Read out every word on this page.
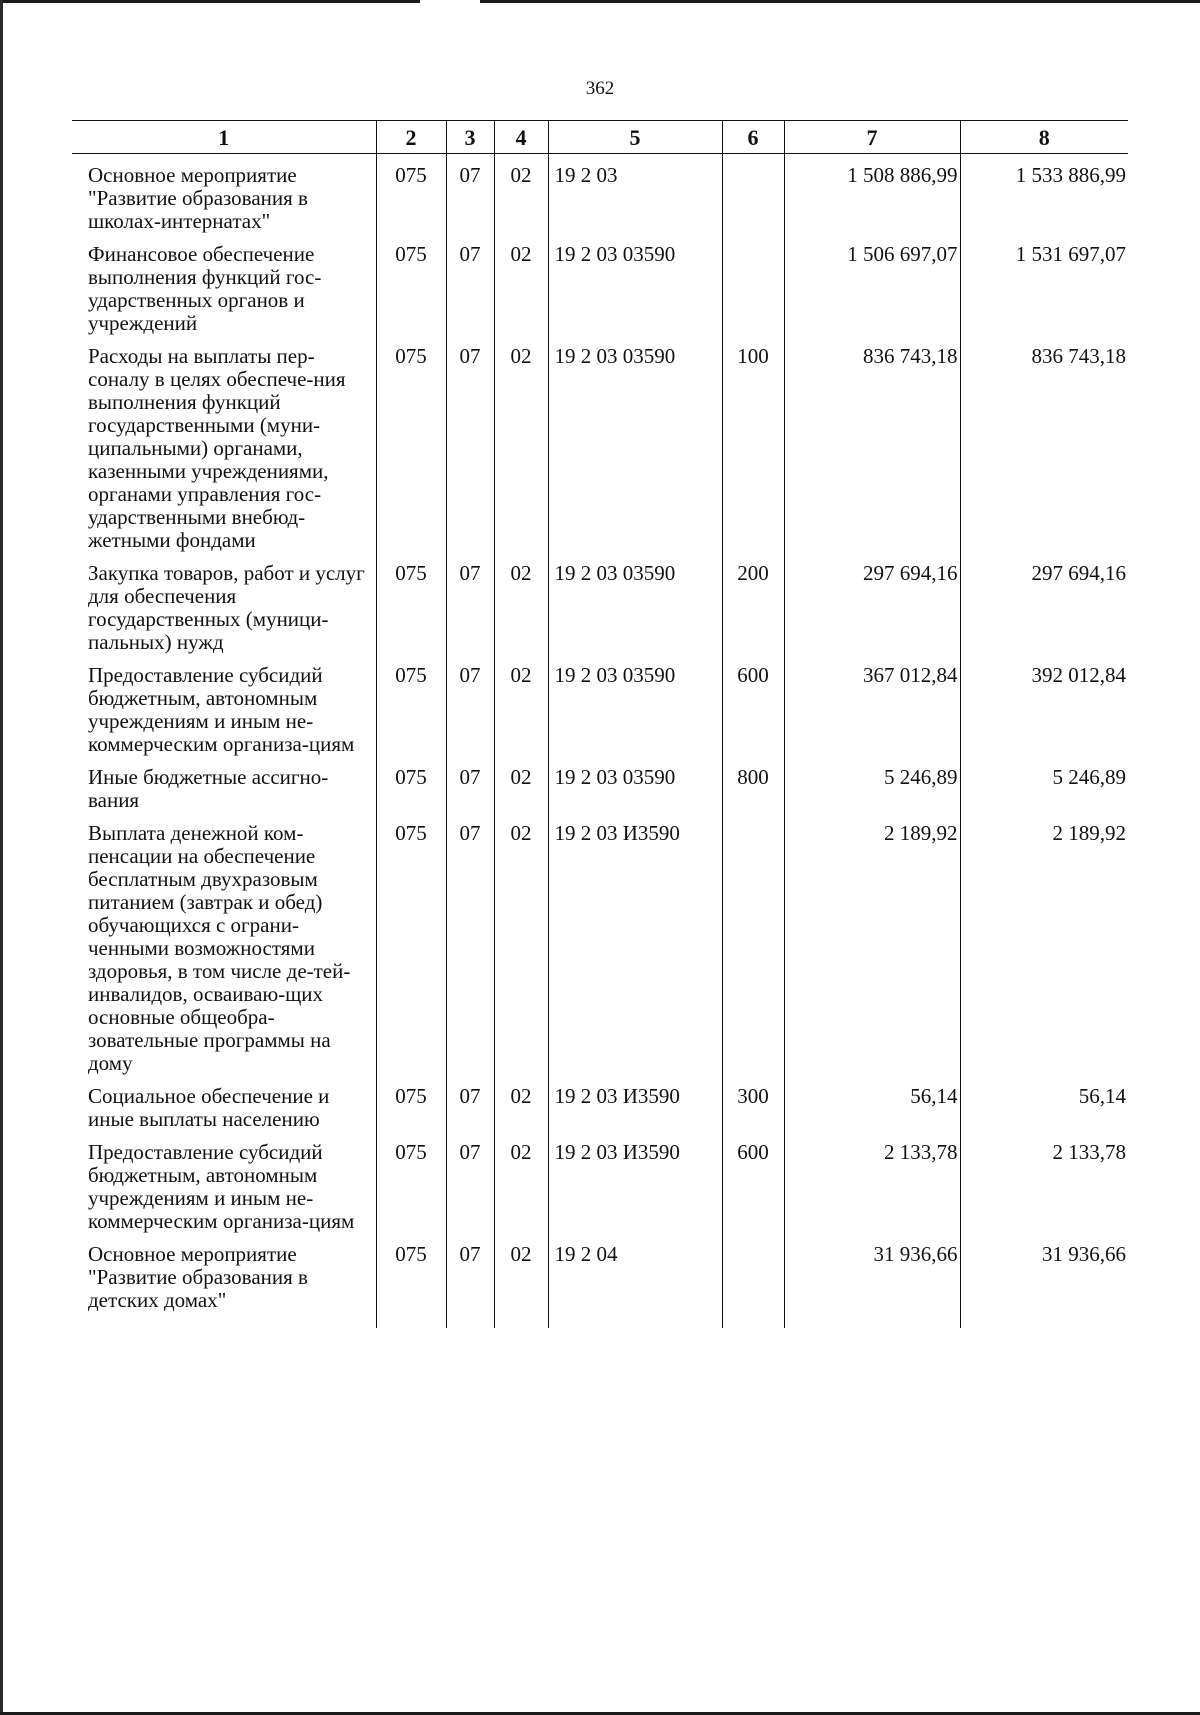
362
1	2	3	4	5	6	7	8
Основное мероприятие "Развитие образования в школах-интернатах"	075	07	02	19 2 03		1 508 886,99	1 533 886,99
Финансовое обеспечение выполнения функций гос-ударственных органов и учреждений	075	07	02	19 2 03 03590		1 506 697,07	1 531 697,07
Расходы на выплаты пер-соналу в целях обеспече-ния выполнения функций государственными (муни-ципальными) органами, казенными учреждениями, органами управления гос-ударственными внебюд-жетными фондами	075	07	02	19 2 03 03590	100	836 743,18	836 743,18
Закупка товаров, работ и услуг для обеспечения государственных (муници-пальных) нужд	075	07	02	19 2 03 03590	200	297 694,16	297 694,16
Предоставление субсидий бюджетным, автономным учреждениям и иным не-коммерческим организа-циям	075	07	02	19 2 03 03590	600	367 012,84	392 012,84
Иные бюджетные ассигно-вания	075	07	02	19 2 03 03590	800	5 246,89	5 246,89
Выплата денежной ком-пенсации на обеспечение бесплатным двухразовым питанием (завтрак и обед) обучающихся с ограни-ченными возможностями здоровья, в том числе де-тей-инвалидов, осваиваю-щих основные общеобра-зовательные программы на дому	075	07	02	19 2 03 И3590		2 189,92	2 189,92
Социальное обеспечение и иные выплаты населению	075	07	02	19 2 03 И3590	300	56,14	56,14
Предоставление субсидий бюджетным, автономным учреждениям и иным не-коммерческим организа-циям	075	07	02	19 2 03 И3590	600	2 133,78	2 133,78
Основное мероприятие "Развитие образования в детских домах"	075	07	02	19 2 04		31 936,66	31 936,66
